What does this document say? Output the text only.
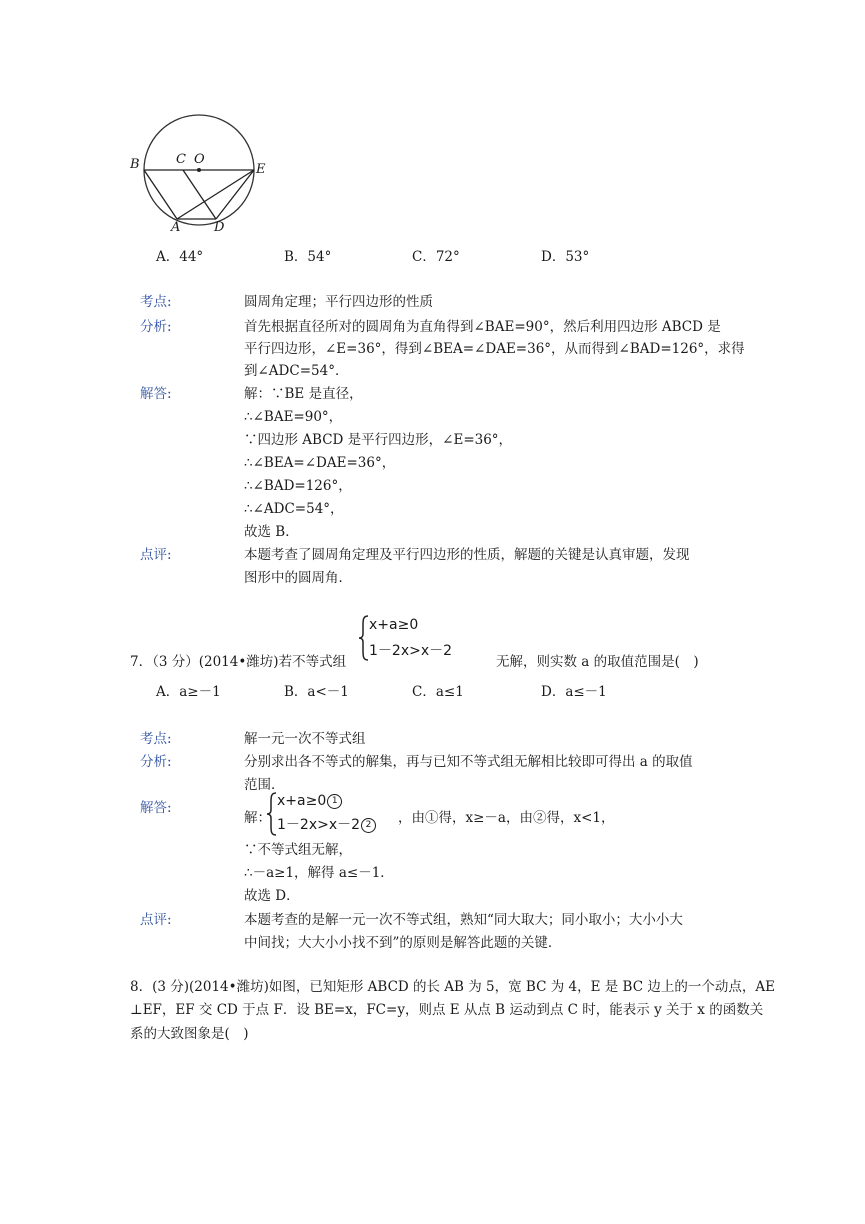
B	C O
E
A	D
A．44°	B．54°	C．72°	D．53°
考点:	圆周角定理；平行四边形的性质
分析:	首先根据直径所对的圆周角为直角得到∠BAE=90°，然后利用四边形 ABCD 是
平行四边形，∠E=36°，得到∠BEA=∠DAE=36°，从而得到∠BAD=126°，求得
到∠ADC=54°．
解答:	解：∵BE 是直径，
∴∠BAE=90°，
∵四边形 ABCD 是平行四边形，∠E=36°，
∴∠BEA=∠DAE=36°，
∴∠BAD=126°，
∴∠ADC=54°，
故选 B．
点评:	本题考查了圆周角定理及平行四边形的性质，解题的关键是认真审题，发现
图形中的圆周角．
7．（3 分）(2014•潍坊)若不等式组
x+a≥0
1－2x>x－2
无解，则实数 a 的取值范围是(　)
A．a≥－1	B．a<－1	C．a≤1	D．a≤－1
考点:	解一元一次不等式组
分析:	分别求出各不等式的解集，再与已知不等式组无解相比较即可得出 a 的取值
范围．
解答:
解：
x+a≥0 1
1－2x>x－2 2	，由①得，x≥－a，由②得，x<1，
∵不等式组无解，
∴－a≥1，解得 a≤－1．
故选 D．
点评:	本题考查的是解一元一次不等式组，熟知“同大取大；同小取小；大小小大
中间找；大大小小找不到”的原则是解答此题的关键．
8．(3 分)(2014•潍坊)如图，已知矩形 ABCD 的长 AB 为 5，宽 BC 为 4，E 是 BC 边上的一个动点，AE
⊥EF，EF 交 CD 于点 F．设 BE=x，FC=y，则点 E 从点 B 运动到点 C 时，能表示 y 关于 x 的函数关
系的大致图象是(　)
